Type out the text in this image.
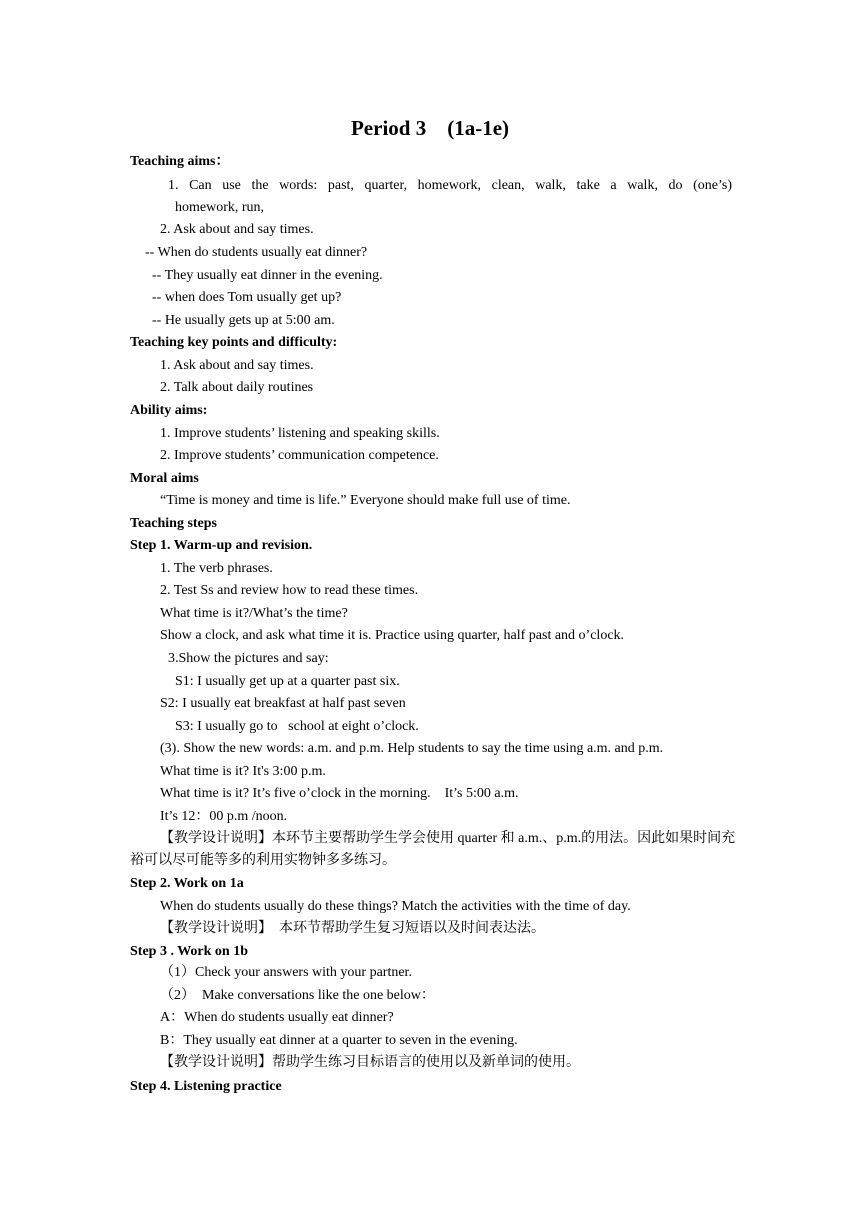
Period 3    (1a-1e)
Teaching aims：
1. Can use the words: past, quarter, homework, clean, walk, take a walk, do (one’s)
homework, run,
2. Ask about and say times.
-- When do students usually eat dinner?
-- They usually eat dinner in the evening.
-- when does Tom usually get up?
-- He usually gets up at 5:00 am.
Teaching key points and difficulty:
1. Ask about and say times.
2. Talk about daily routines
Ability aims:
1. Improve students’ listening and speaking skills.
2. Improve students’ communication competence.
Moral aims
“Time is money and time is life.” Everyone should make full use of time.
Teaching steps
Step 1. Warm-up and revision.
1. The verb phrases.
2. Test Ss and review how to read these times.
What time is it?/What’s the time?
Show a clock, and ask what time it is. Practice using quarter, half past and o’clock.
3.Show the pictures and say:
S1: I usually get up at a quarter past six.
S2: I usually eat breakfast at half past seven
S3: I usually go to   school at eight o’clock.
(3). Show the new words: a.m. and p.m. Help students to say the time using a.m. and p.m.
What time is it? It's 3:00 p.m.
What time is it? It’s five o’clock in the morning.    It’s 5:00 a.m.
It’s 12：00 p.m /noon.
【教学设计说明】本环节主要帮助学生学会使用 quarter 和 a.m.、p.m.的用法。因此如果时间充裕可以尽可能等多的利用实物钟多多练习。
Step 2. Work on 1a
When do students usually do these things? Match the activities with the time of day.
【教学设计说明】  本环节帮助学生复习短语以及时间表达法。
Step 3 . Work on 1b
（1）Check your answers with your partner.
（2）  Make conversations like the one below：
A：When do students usually eat dinner?
B：They usually eat dinner at a quarter to seven in the evening.
【教学设计说明】帮助学生练习目标语言的使用以及新单词的使用。
Step 4. Listening practice
